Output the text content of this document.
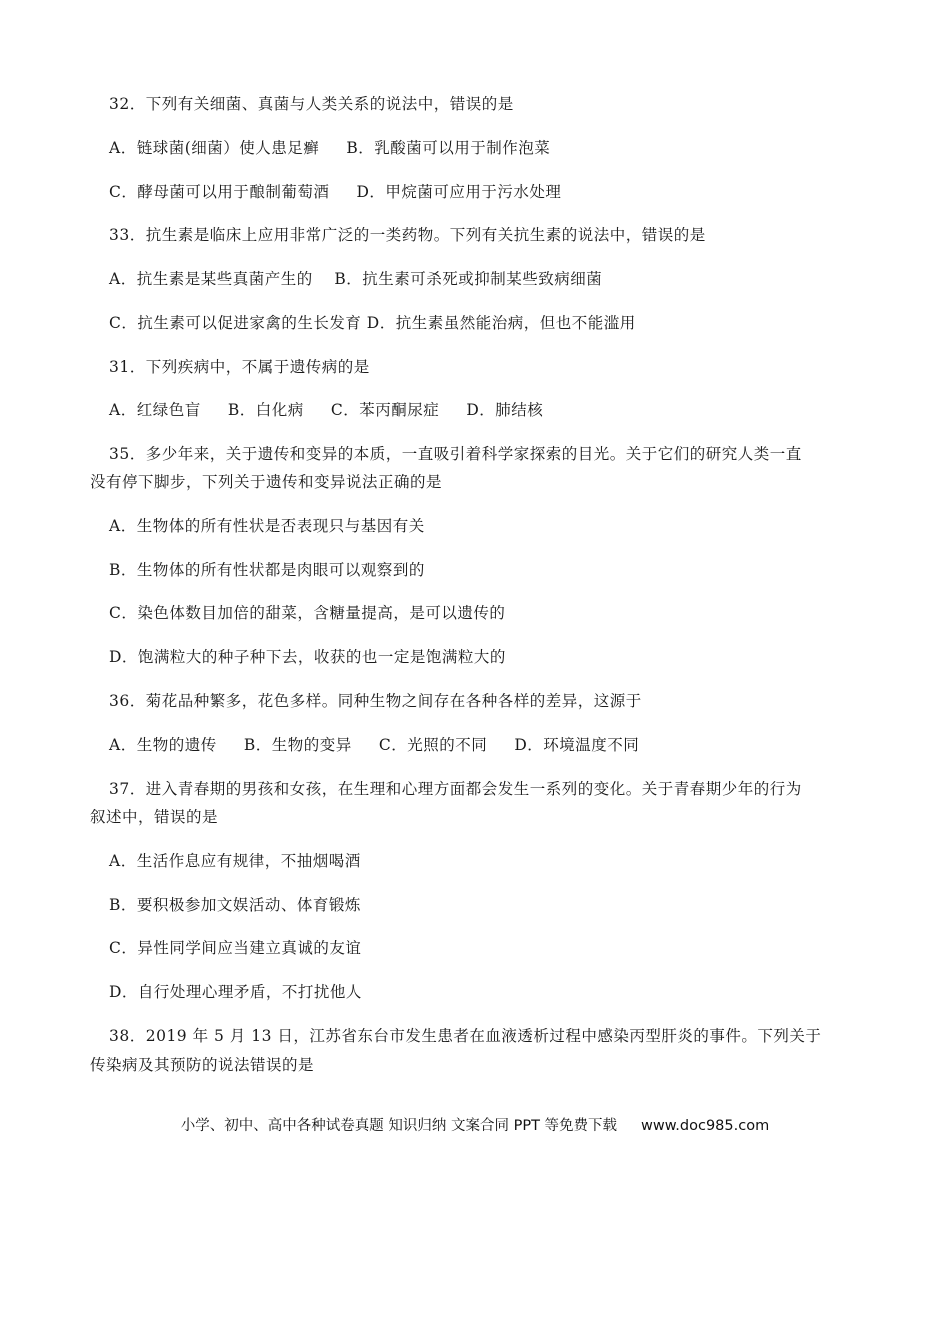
32．下列有关细菌、真菌与人类关系的说法中，错误的是
A．链球菌(细菌）使人患足癣     B．乳酸菌可以用于制作泡菜
C．酵母菌可以用于酿制葡萄酒     D．甲烷菌可应用于污水处理
33．抗生素是临床上应用非常广泛的一类药物。下列有关抗生素的说法中，错误的是
A．抗生素是某些真菌产生的    B．抗生素可杀死或抑制某些致病细菌
C．抗生素可以促进家禽的生长发育 D．抗生素虽然能治病，但也不能滥用
31．下列疾病中，不属于遗传病的是
A．红绿色盲     B．白化病     C．苯丙酮尿症     D．肺结核
35．多少年来，关于遗传和变异的本质，一直吸引着科学家探索的目光。关于它们的研究人类一直
没有停下脚步，下列关于遗传和变异说法正确的是
A．生物体的所有性状是否表现只与基因有关
B．生物体的所有性状都是肉眼可以观察到的
C．染色体数目加倍的甜菜，含糖量提高，是可以遗传的
D．饱满粒大的种子种下去，收获的也一定是饱满粒大的
36．菊花品种繁多，花色多样。同种生物之间存在各种各样的差异，这源于
A．生物的遗传     B．生物的变异     C．光照的不同     D．环境温度不同
37．进入青春期的男孩和女孩，在生理和心理方面都会发生一系列的变化。关于青春期少年的行为
叙述中，错误的是
A．生活作息应有规律，不抽烟喝酒
B．要积极参加文娱活动、体育锻炼
C．异性同学间应当建立真诚的友谊
D．自行处理心理矛盾，不打扰他人
38．2019 年 5 月 13 日，江苏省东台市发生患者在血液透析过程中感染丙型肝炎的事件。下列关于
传染病及其预防的说法错误的是
小学、初中、高中各种试卷真题 知识归纳 文案合同 PPT 等免费下载 www.doc985.com
